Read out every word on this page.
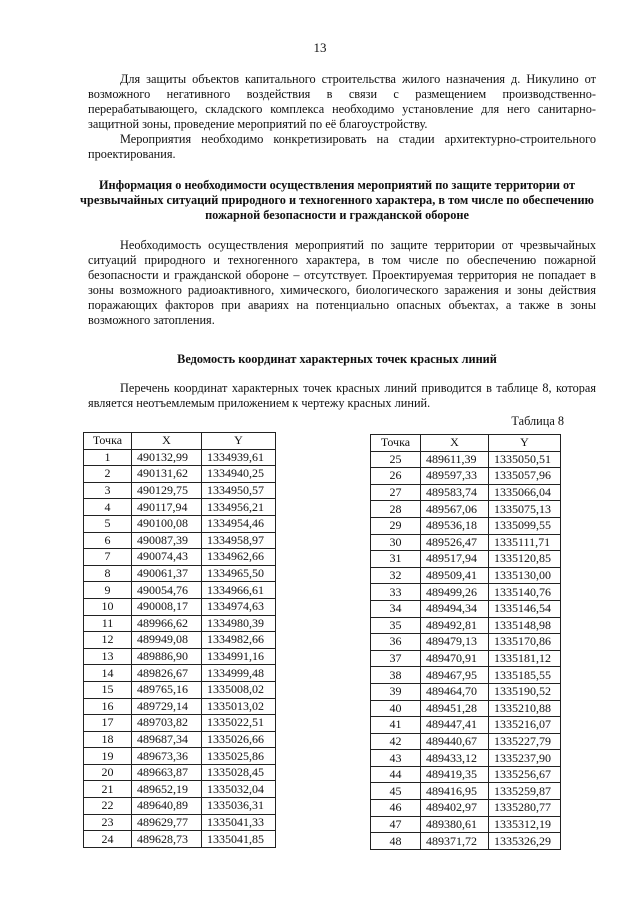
13

Для защиты объектов капитального строительства жилого назначения д. Никулино от возможного негативного воздействия в связи с размещением производственно-перерабатывающего, складского комплекса необходимо установление для него санитарно-защитной зоны, проведение мероприятий по её благоустройству.

Мероприятия необходимо конкретизировать на стадии архитектурно-строительного проектирования.

Информация о необходимости осуществления мероприятий по защите территории от чрезвычайных ситуаций природного и техногенного характера, в том числе по обеспечению пожарной безопасности и гражданской обороне

Необходимость осуществления мероприятий по защите территории от чрезвычайных ситуаций природного и техногенного характера, в том числе по обеспечению пожарной безопасности и гражданской обороне – отсутствует. Проектируемая территория не попадает в зоны возможного радиоактивного, химического, биологического заражения и зоны действия поражающих факторов при авариях на потенциально опасных объектах, а также в зоны возможного затопления.

Ведомость координат характерных точек красных линий

Перечень координат характерных точек красных линий приводится в таблице 8, которая является неотъемлемым приложением к чертежу красных линий.

Таблица 8
Точка	X	Y
1	490132,99	1334939,61
2	490131,62	1334940,25
3	490129,75	1334950,57
4	490117,94	1334956,21
5	490100,08	1334954,46
6	490087,39	1334958,97
7	490074,43	1334962,66
8	490061,37	1334965,50
9	490054,76	1334966,61
10	490008,17	1334974,63
11	489966,62	1334980,39
12	489949,08	1334982,66
13	489886,90	1334991,16
14	489826,67	1334999,48
15	489765,16	1335008,02
16	489729,14	1335013,02
17	489703,82	1335022,51
18	489687,34	1335026,66
19	489673,36	1335025,86
20	489663,87	1335028,45
21	489652,19	1335032,04
22	489640,89	1335036,31
23	489629,77	1335041,33
24	489628,73	1335041,85
Точка	X	Y
25	489611,39	1335050,51
26	489597,33	1335057,96
27	489583,74	1335066,04
28	489567,06	1335075,13
29	489536,18	1335099,55
30	489526,47	1335111,71
31	489517,94	1335120,85
32	489509,41	1335130,00
33	489499,26	1335140,76
34	489494,34	1335146,54
35	489492,81	1335148,98
36	489479,13	1335170,86
37	489470,91	1335181,12
38	489467,95	1335185,55
39	489464,70	1335190,52
40	489451,28	1335210,88
41	489447,41	1335216,07
42	489440,67	1335227,79
43	489433,12	1335237,90
44	489419,35	1335256,67
45	489416,95	1335259,87
46	489402,97	1335280,77
47	489380,61	1335312,19
48	489371,72	1335326,29
